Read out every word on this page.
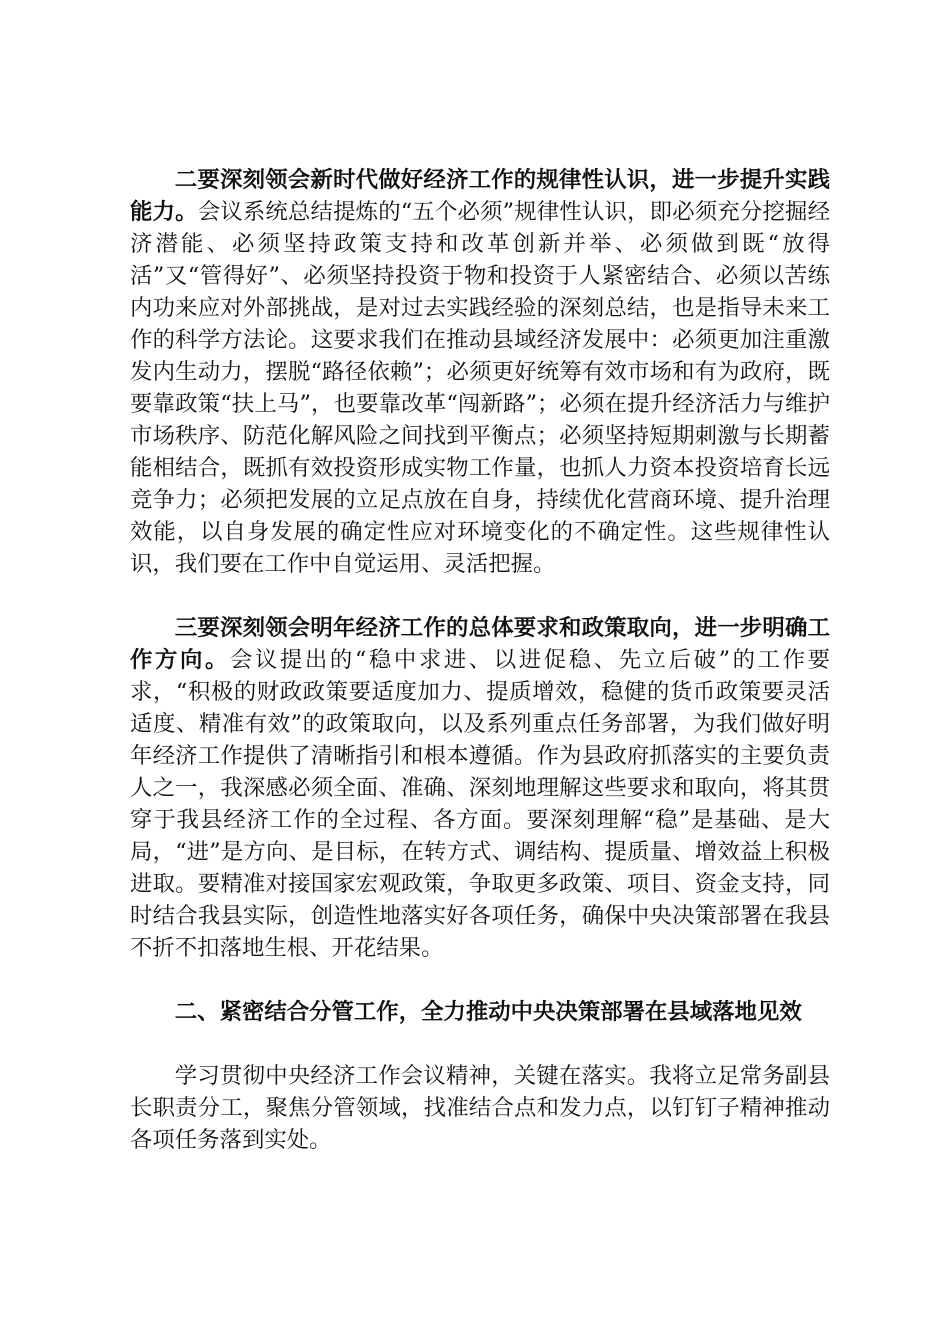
二要深刻领会新时代做好经济工作的规律性认识，进一步提升实践能力。会议系统总结提炼的“五个必须”规律性认识，即必须充分挖掘经济潜能、必须坚持政策支持和改革创新并举、必须做到既“放得活”又“管得好”、必须坚持投资于物和投资于人紧密结合、必须以苦练内功来应对外部挑战，是对过去实践经验的深刻总结，也是指导未来工作的科学方法论。这要求我们在推动县域经济发展中：必须更加注重激发内生动力，摆脱“路径依赖”；必须更好统筹有效市场和有为政府，既要靠政策“扶上马”，也要靠改革“闯新路”；必须在提升经济活力与维护市场秩序、防范化解风险之间找到平衡点；必须坚持短期刺激与长期蓄能相结合，既抓有效投资形成实物工作量，也抓人力资本投资培育长远竞争力；必须把发展的立足点放在自身，持续优化营商环境、提升治理效能，以自身发展的确定性应对环境变化的不确定性。这些规律性认识，我们要在工作中自觉运用、灵活把握。

三要深刻领会明年经济工作的总体要求和政策取向，进一步明确工作方向。会议提出的“稳中求进、以进促稳、先立后破”的工作要求，“积极的财政政策要适度加力、提质增效，稳健的货币政策要灵活适度、精准有效”的政策取向，以及系列重点任务部署，为我们做好明年经济工作提供了清晰指引和根本遵循。作为县政府抓落实的主要负责人之一，我深感必须全面、准确、深刻地理解这些要求和取向，将其贯穿于我县经济工作的全过程、各方面。要深刻理解“稳”是基础、是大局，“进”是方向、是目标，在转方式、调结构、提质量、增效益上积极进取。要精准对接国家宏观政策，争取更多政策、项目、资金支持，同时结合我县实际，创造性地落实好各项任务，确保中央决策部署在我县不折不扣落地生根、开花结果。

二、紧密结合分管工作，全力推动中央决策部署在县域落地见效

学习贯彻中央经济工作会议精神，关键在落实。我将立足常务副县长职责分工，聚焦分管领域，找准结合点和发力点，以钉钉子精神推动各项任务落到实处。
